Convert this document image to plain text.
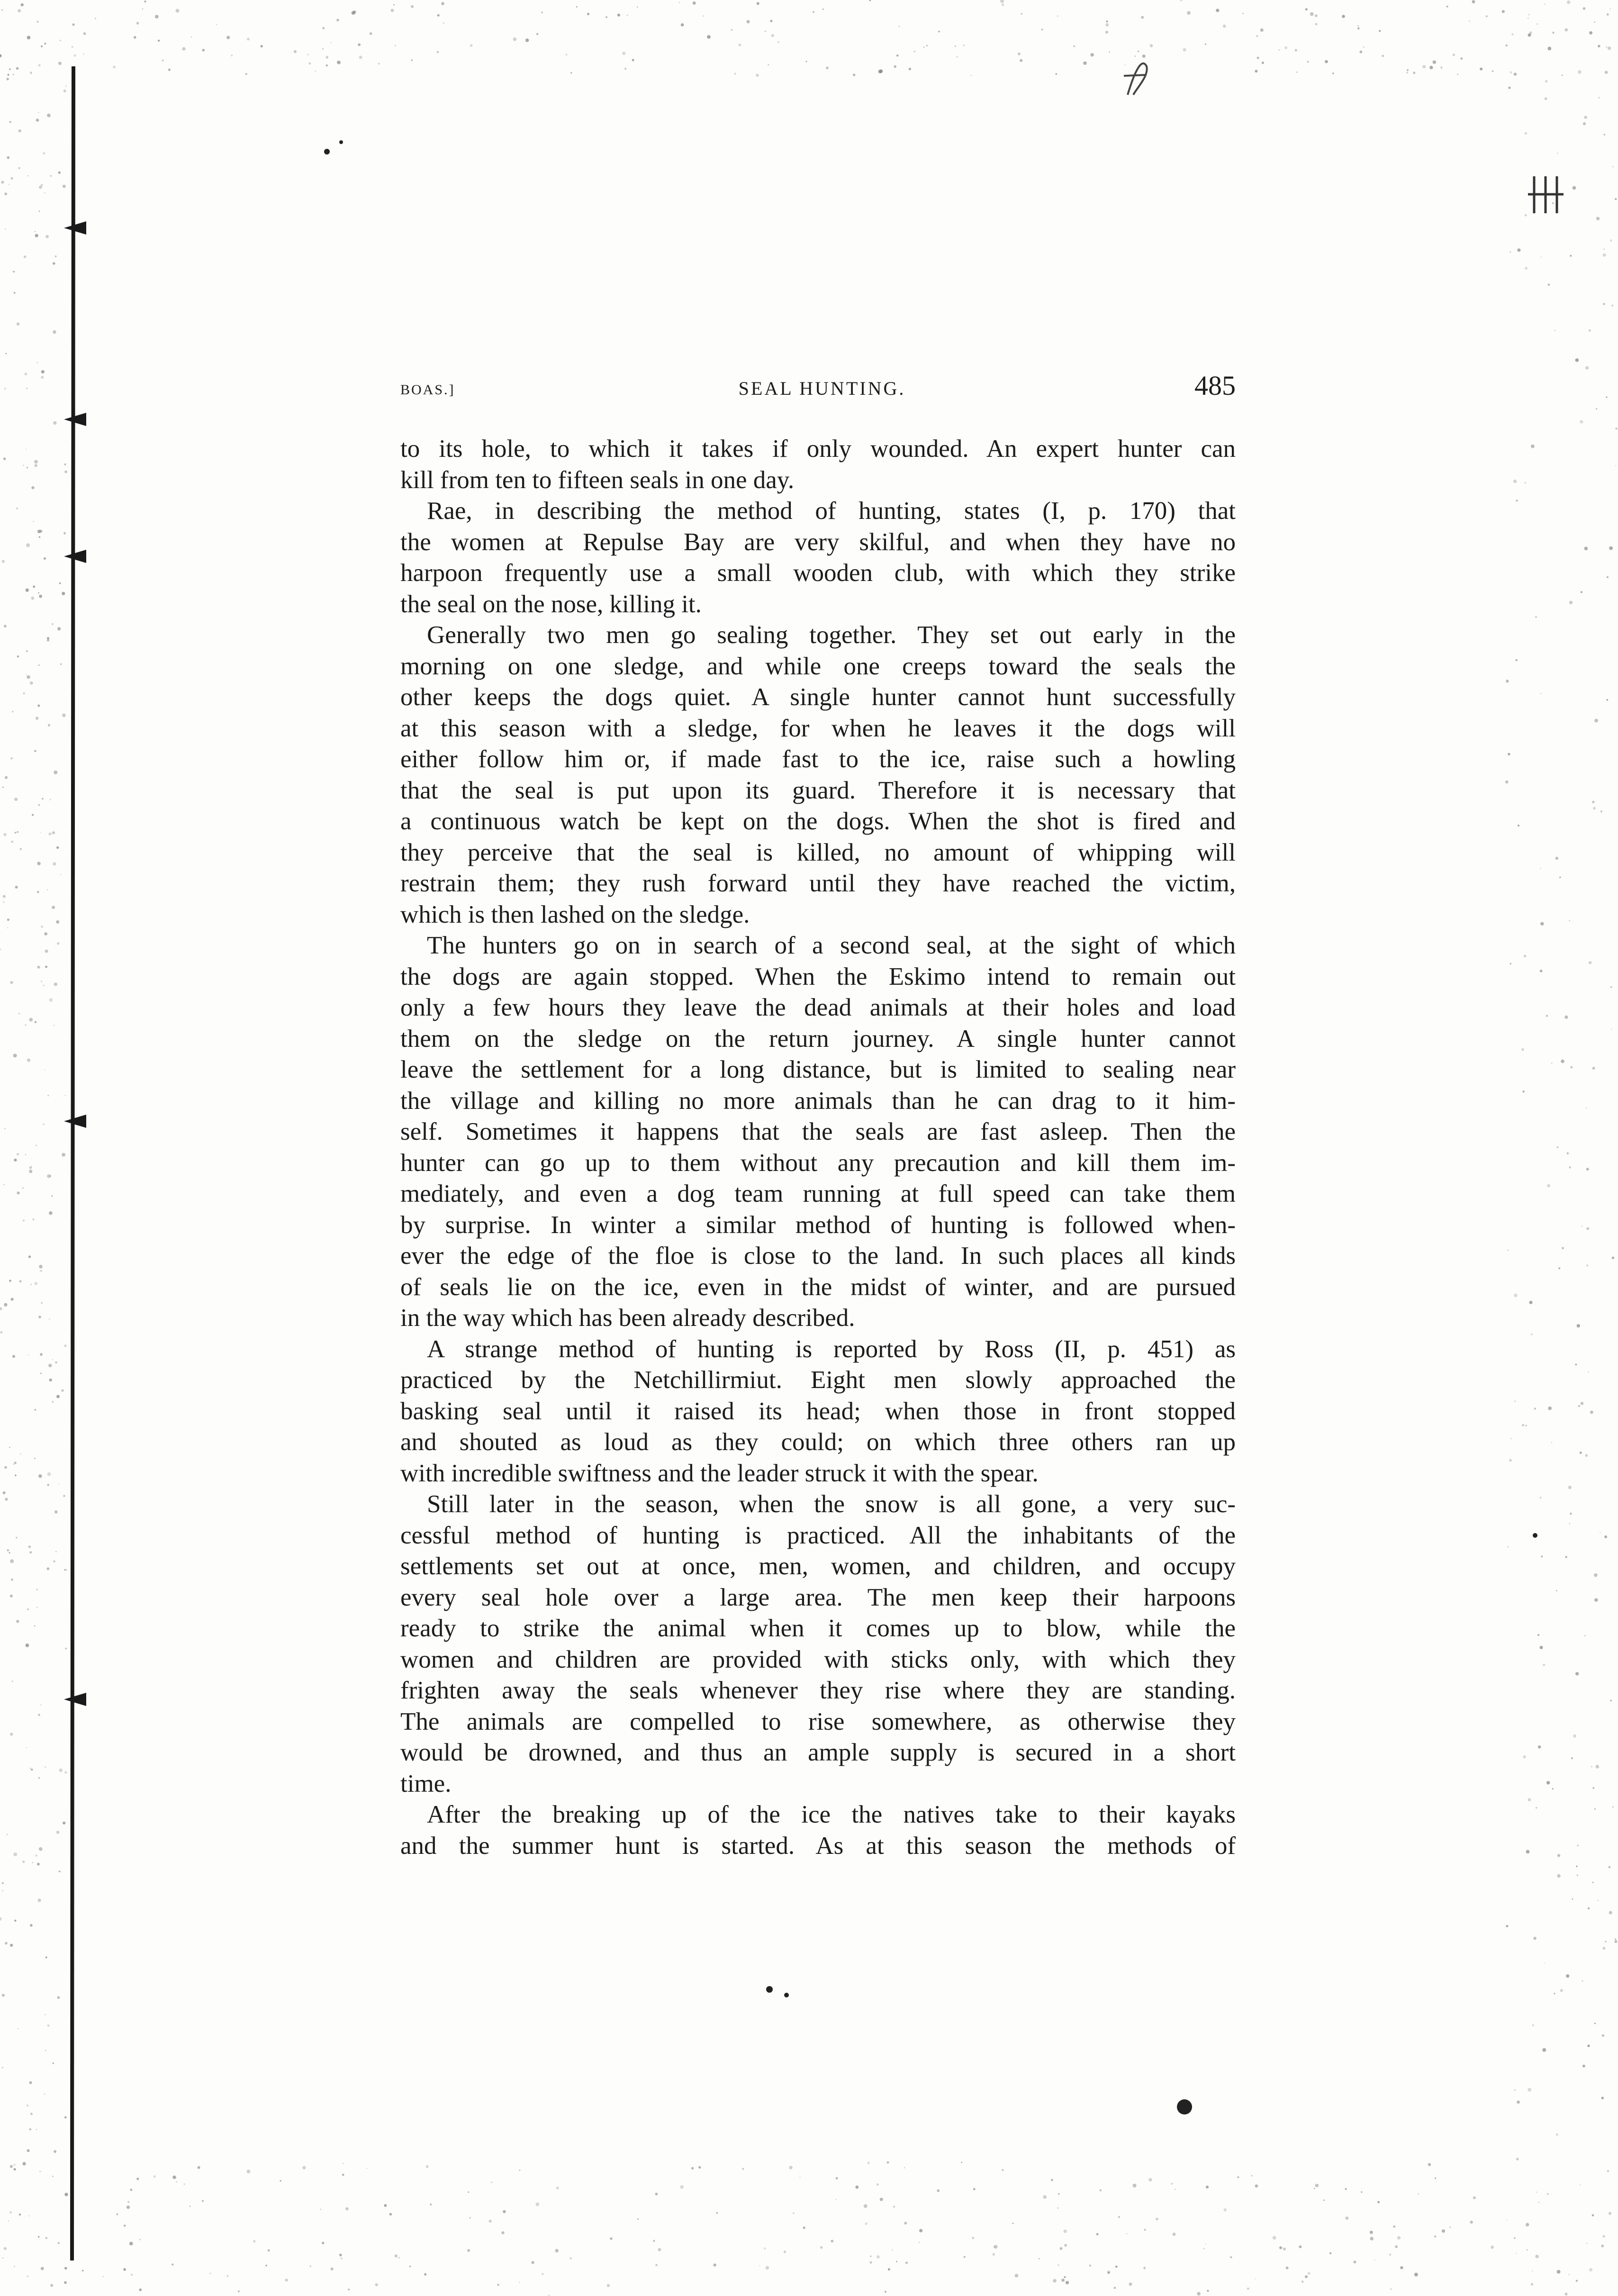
BOAS.]	SEAL HUNTING.	485
to its hole, to which it takes if only wounded. An expert hunter can
kill from ten to fifteen seals in one day.
Rae, in describing the method of hunting, states (I, p. 170) that
the women at Repulse Bay are very skilful, and when they have no
harpoon frequently use a small wooden club, with which they strike
the seal on the nose, killing it.
Generally two men go sealing together. They set out early in the
morning on one sledge, and while one creeps toward the seals the
other keeps the dogs quiet. A single hunter cannot hunt successfully
at this season with a sledge, for when he leaves it the dogs will
either follow him or, if made fast to the ice, raise such a howling
that the seal is put upon its guard. Therefore it is necessary that
a continuous watch be kept on the dogs. When the shot is fired and
they perceive that the seal is killed, no amount of whipping will
restrain them; they rush forward until they have reached the victim,
which is then lashed on the sledge.
The hunters go on in search of a second seal, at the sight of which
the dogs are again stopped. When the Eskimo intend to remain out
only a few hours they leave the dead animals at their holes and load
them on the sledge on the return journey. A single hunter cannot
leave the settlement for a long distance, but is limited to sealing near
the village and killing no more animals than he can drag to it him-
self. Sometimes it happens that the seals are fast asleep. Then the
hunter can go up to them without any precaution and kill them im-
mediately, and even a dog team running at full speed can take them
by surprise. In winter a similar method of hunting is followed when-
ever the edge of the floe is close to the land. In such places all kinds
of seals lie on the ice, even in the midst of winter, and are pursued
in the way which has been already described.
A strange method of hunting is reported by Ross (II, p. 451) as
practiced by the Netchillirmiut. Eight men slowly approached the
basking seal until it raised its head; when those in front stopped
and shouted as loud as they could; on which three others ran up
with incredible swiftness and the leader struck it with the spear.
Still later in the season, when the snow is all gone, a very suc-
cessful method of hunting is practiced. All the inhabitants of the
settlements set out at once, men, women, and children, and occupy
every seal hole over a large area. The men keep their harpoons
ready to strike the animal when it comes up to blow, while the
women and children are provided with sticks only, with which they
frighten away the seals whenever they rise where they are standing.
The animals are compelled to rise somewhere, as otherwise they
would be drowned, and thus an ample supply is secured in a short
time.
After the breaking up of the ice the natives take to their kayaks
and the summer hunt is started. As at this season the methods of
